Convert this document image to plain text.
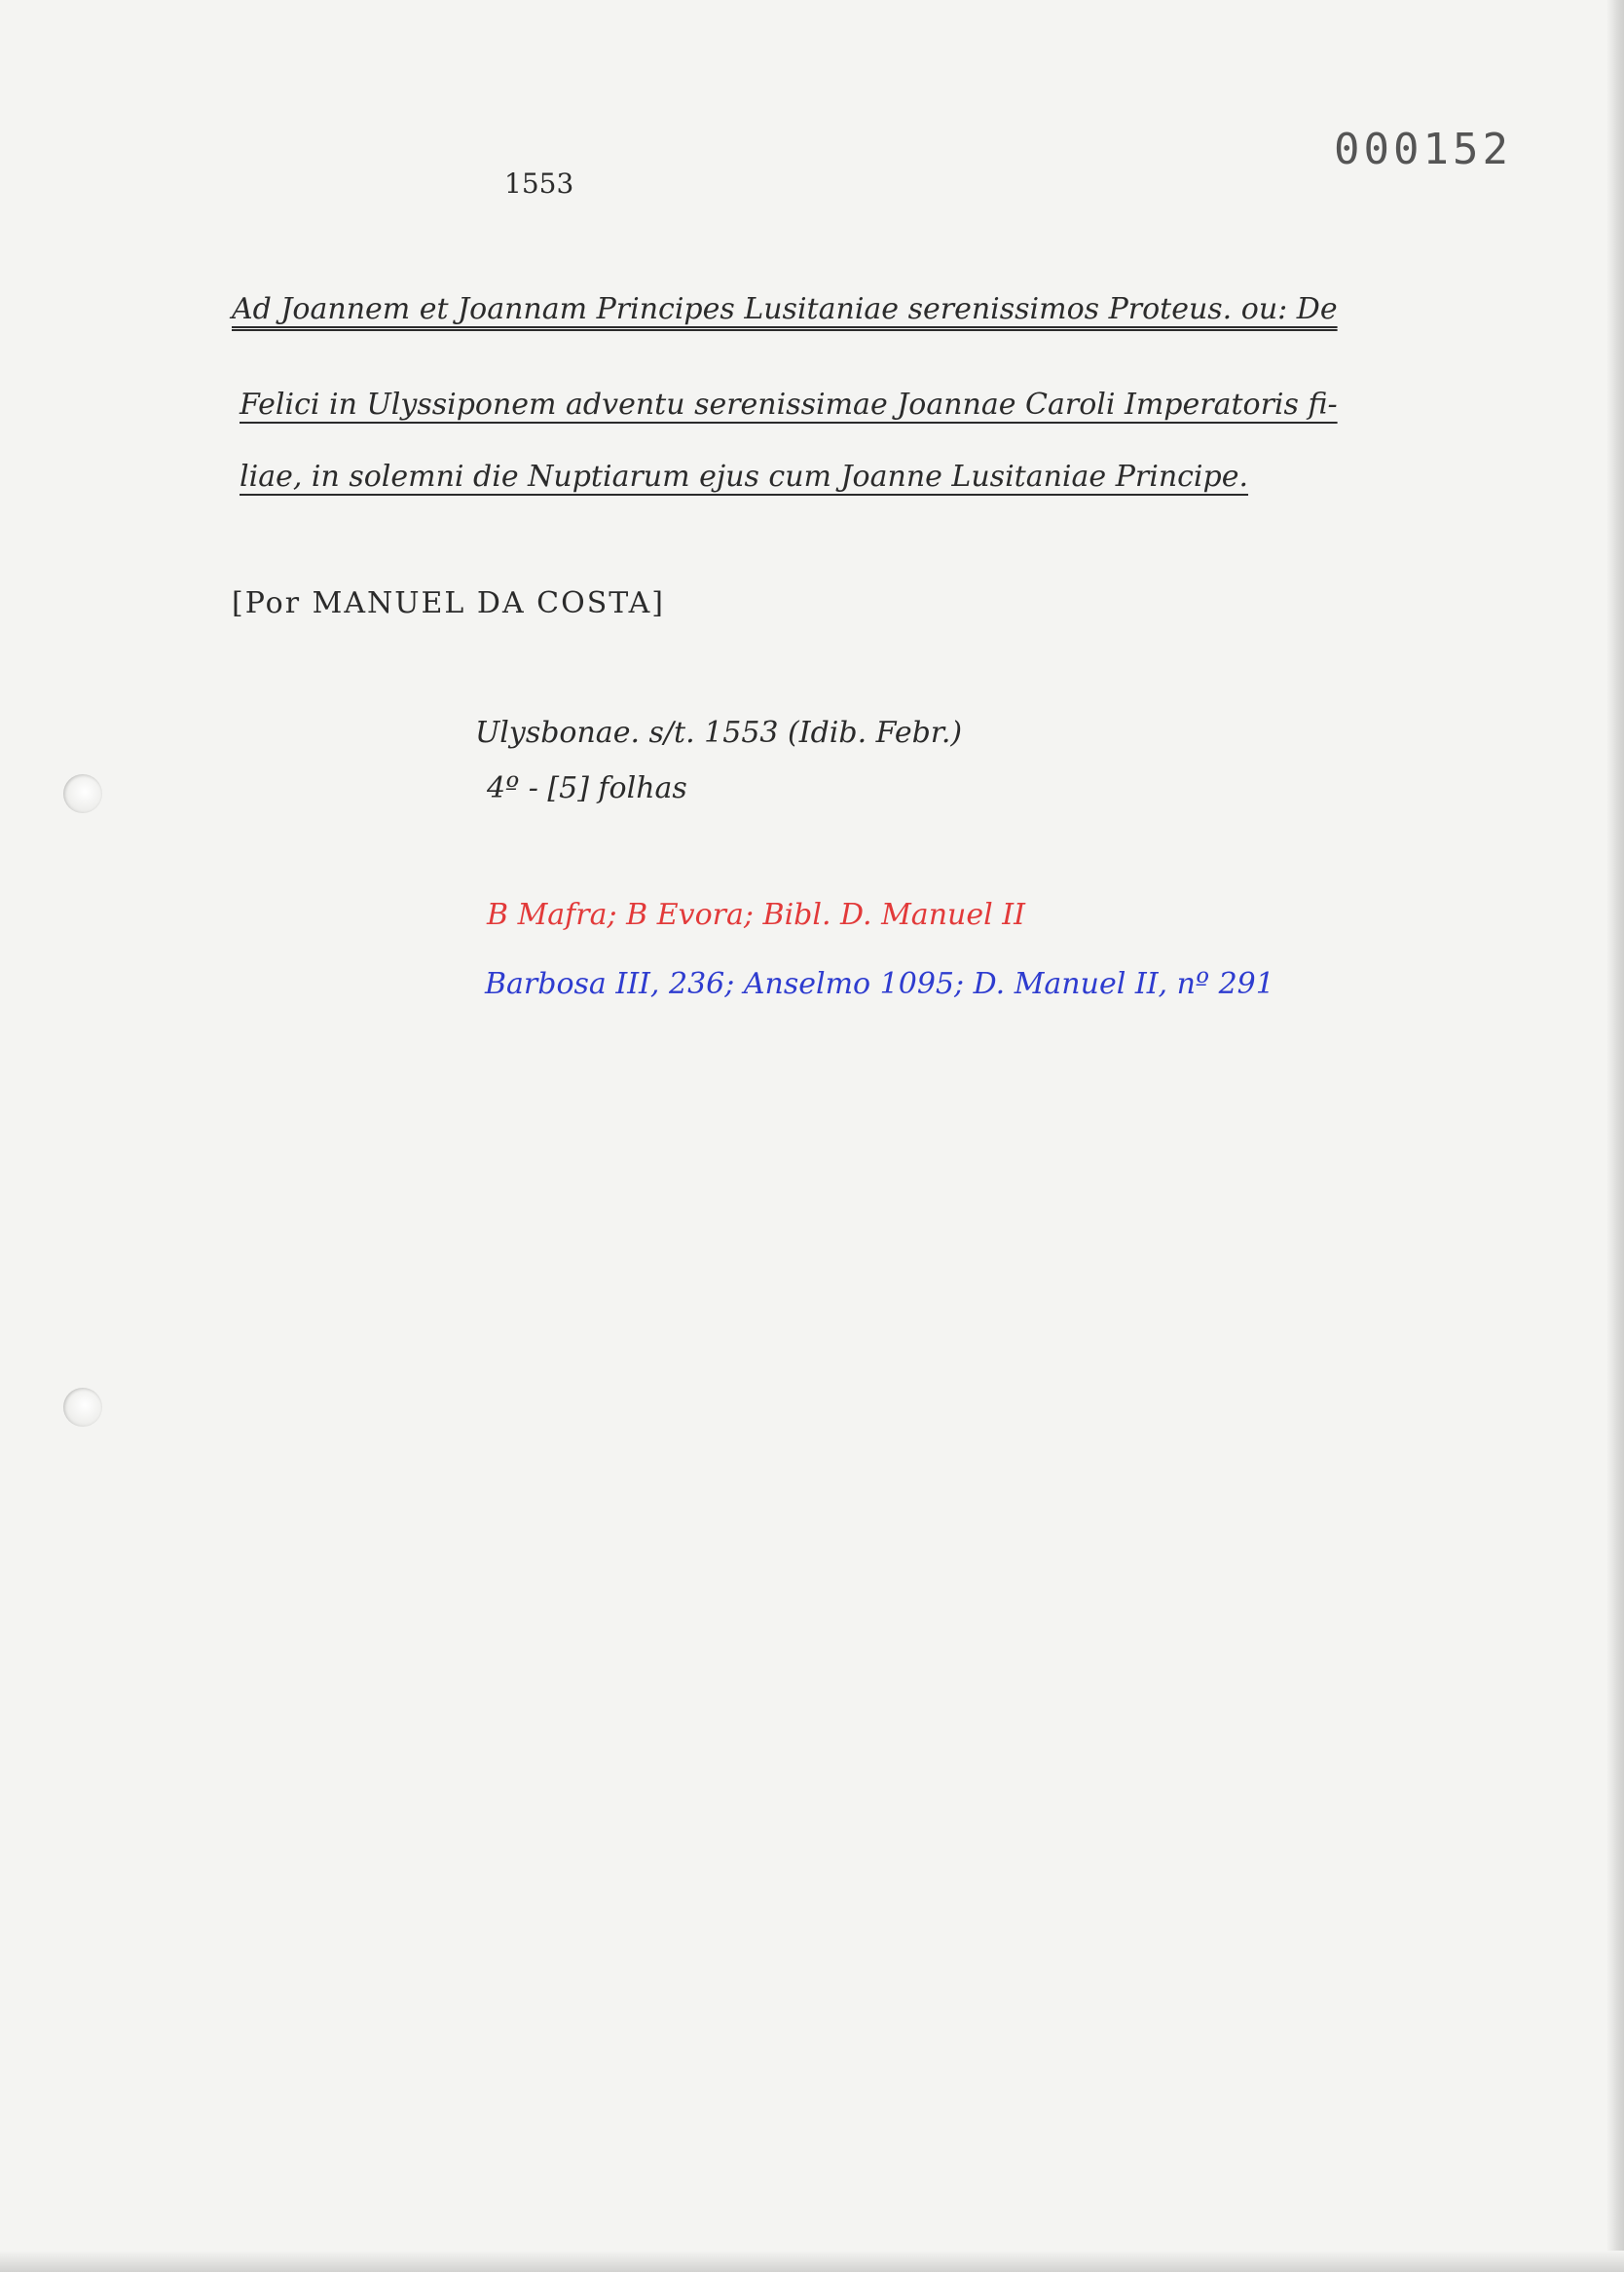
000152
1553
Ad Joannem et Joannam Principes Lusitaniae serenissimos Proteus. ou: De
Felici in Ulyssiponem adventu serenissimae Joannae Caroli Imperatoris fi-
liae, in solemni die Nuptiarum ejus cum Joanne Lusitaniae Principe.
[Por MANUEL DA COSTA]
Ulysbonae. s/t. 1553 (Idib. Febr.)
4º - [5] folhas
B Mafra; B Evora; Bibl. D. Manuel II
Barbosa III, 236; Anselmo 1095; D. Manuel II, nº 291
